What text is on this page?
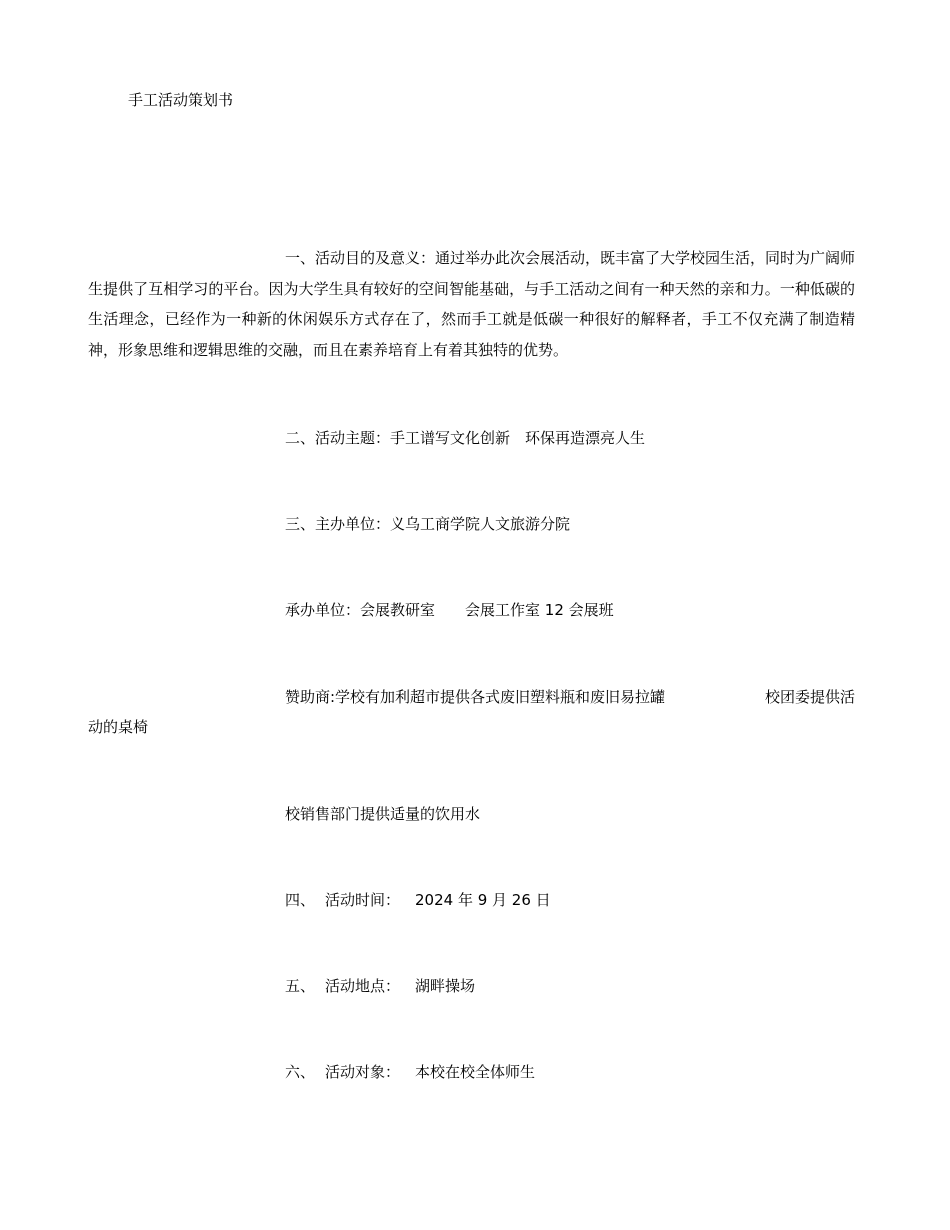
手工活动策划书
一、活动目的及意义：通过举办此次会展活动，既丰富了大学校园生活，同时为广阔师生提供了互相学习的平台。因为大学生具有较好的空间智能基础，与手工活动之间有一种天然的亲和力。一种低碳的生活理念，已经作为一种新的休闲娱乐方式存在了，然而手工就是低碳一种很好的解释者，手工不仅充满了制造精神，形象思维和逻辑思维的交融，而且在素养培育上有着其独特的优势。
二、活动主题：手工谱写文化创新　环保再造漂亮人生
三、主办单位：义乌工商学院人文旅游分院
承办单位：会展教研室　　会展工作室 12 会展班
赞助商:学校有加利超市提供各式废旧塑料瓶和废旧易拉罐	校团委提供活
动的桌椅
校销售部门提供适量的饮用水
四、 活动时间： 2024 年 9 月 26 日
五、 活动地点： 湖畔操场
六、 活动对象： 本校在校全体师生
